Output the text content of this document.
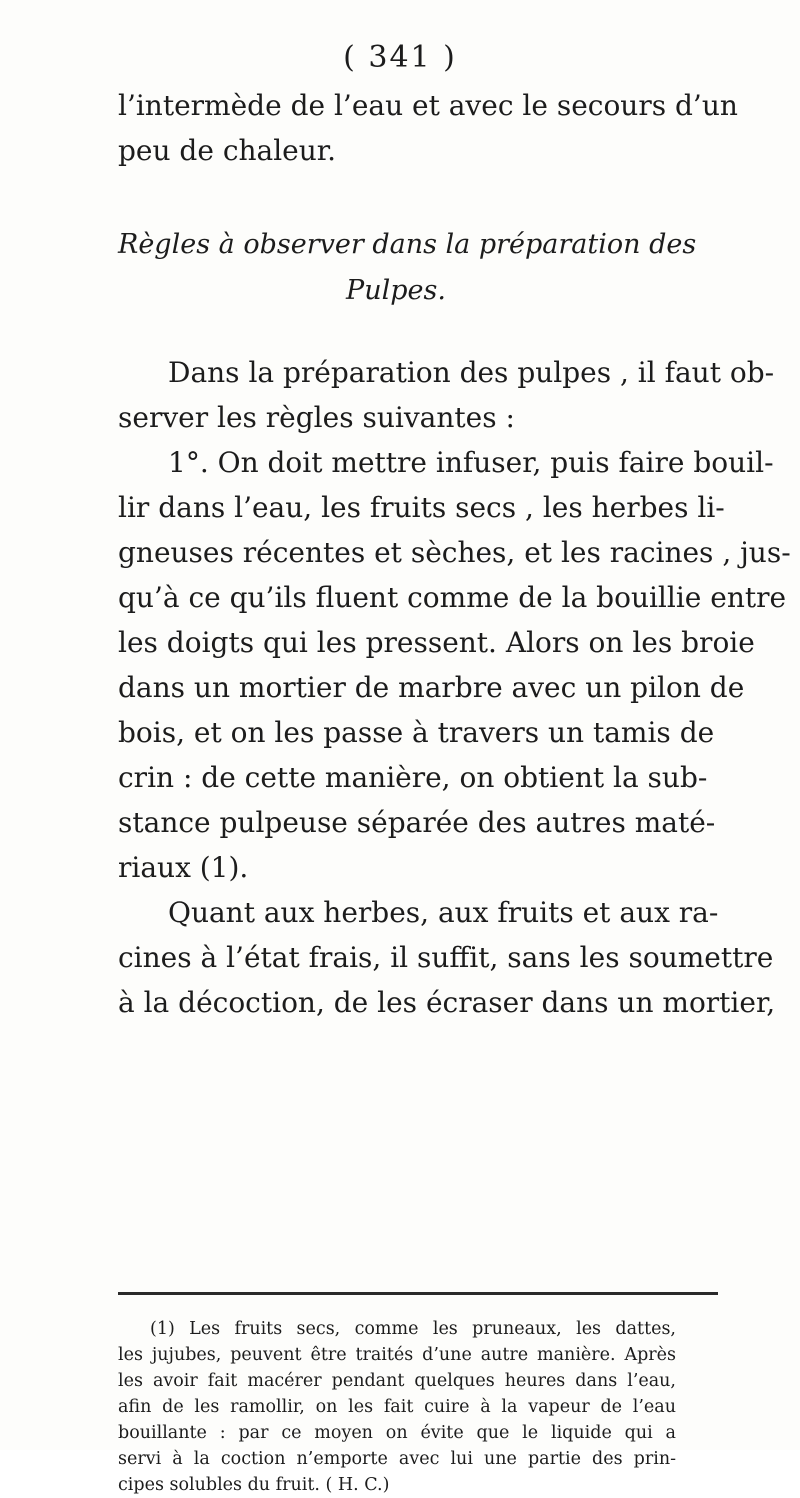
( 341 )
l’intermède de l’eau et avec le secours d’un
peu de chaleur.
Règles à observer dans la préparation des
Pulpes.
Dans la préparation des pulpes , il faut ob-
server les règles suivantes :
1°. On doit mettre infuser, puis faire bouil-
lir dans l’eau, les fruits secs , les herbes li-
gneuses récentes et sèches, et les racines , jus-
qu’à ce qu’ils fluent comme de la bouillie entre
les doigts qui les pressent. Alors on les broie
dans un mortier de marbre avec un pilon de
bois, et on les passe à travers un tamis de
crin : de cette manière, on obtient la sub-
stance pulpeuse séparée des autres maté-
riaux (1).
Quant aux herbes, aux fruits et aux ra-
cines à l’état frais, il suffit, sans les soumettre
à la décoction, de les écraser dans un mortier,
(1) Les fruits secs, comme les pruneaux, les dattes,
les jujubes, peuvent être traités d’une autre manière. Après
les avoir fait macérer pendant quelques heures dans l’eau,
afin de les ramollir, on les fait cuire à la vapeur de l’eau
bouillante : par ce moyen on évite que le liquide qui a
servi à la coction n’emporte avec lui une partie des prin-
cipes solubles du fruit. ( H. C.)
